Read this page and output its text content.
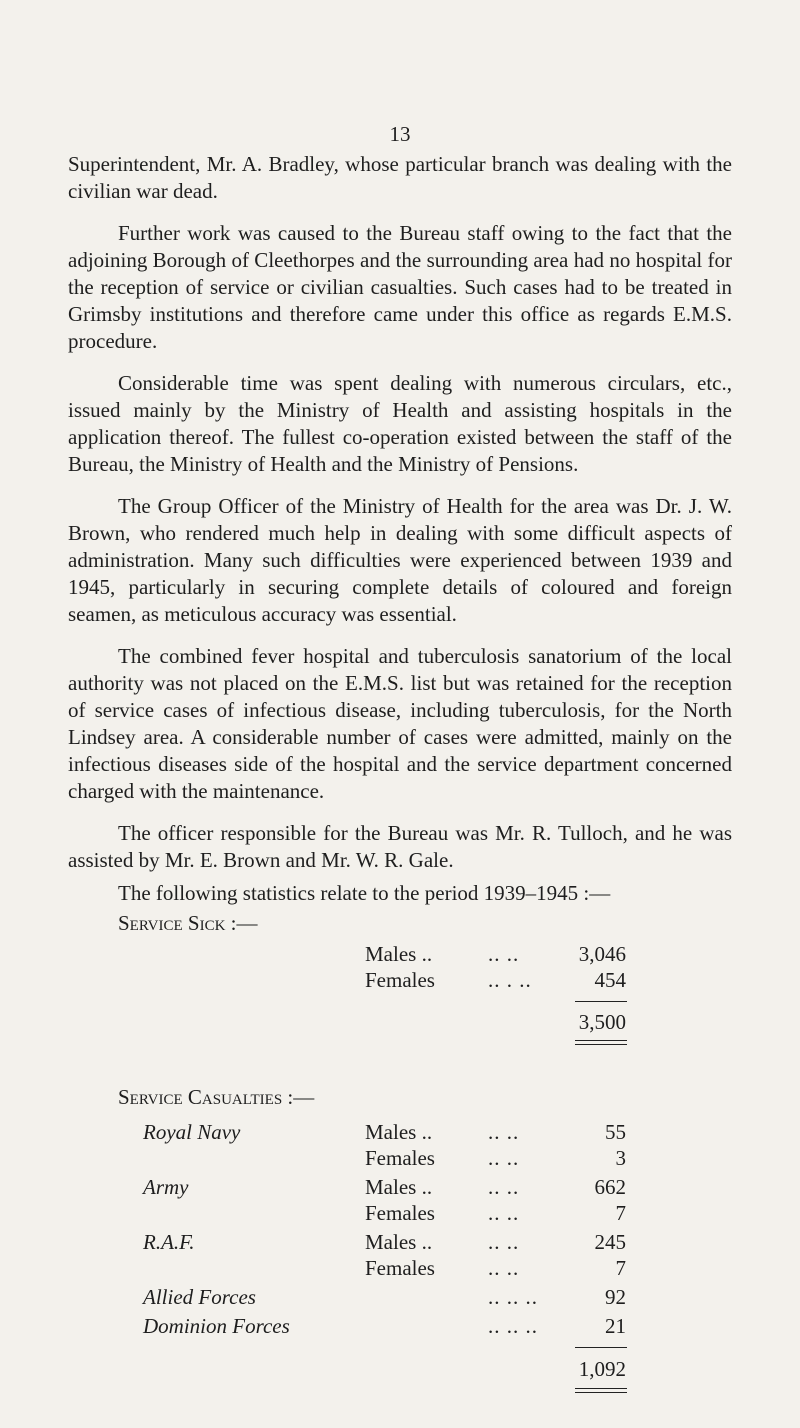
13

Superintendent, Mr. A. Bradley, whose particular branch was dealing with the civilian war dead.

Further work was caused to the Bureau staff owing to the fact that the adjoining Borough of Cleethorpes and the surrounding area had no hospital for the reception of service or civilian casualties. Such cases had to be treated in Grimsby institutions and therefore came under this office as regards E.M.S. procedure.

Considerable time was spent dealing with numerous circulars, etc., issued mainly by the Ministry of Health and assisting hospitals in the application thereof. The fullest co-operation existed between the staff of the Bureau, the Ministry of Health and the Ministry of Pensions.

The Group Officer of the Ministry of Health for the area was Dr. J. W. Brown, who rendered much help in dealing with some difficult aspects of administration. Many such difficulties were experienced between 1939 and 1945, particularly in securing complete details of coloured and foreign seamen, as meticulous accuracy was essential.

The combined fever hospital and tuberculosis sanatorium of the local authority was not placed on the E.M.S. list but was retained for the reception of service cases of infectious disease, including tuberculosis, for the North Lindsey area. A considerable number of cases were admitted, mainly on the infectious diseases side of the hospital and the service department concerned charged with the maintenance.

The officer responsible for the Bureau was Mr. R. Tulloch, and he was assisted by Mr. E. Brown and Mr. W. R. Gale.

The following statistics relate to the period 1939–1945 :—
Service Sick :—
Males ..	.. ..	3,046
Females	.. . ..	454
3,500
Service Casualties :—
Royal Navy	Males ..	.. ..	55
Females	.. ..	3
Army	Males ..	.. ..	662
Females	.. ..	7
R.A.F.	Males ..	.. ..	245
Females	.. ..	7
Allied Forces	.. .. ..	92
Dominion Forces	.. .. ..	21
1,092
